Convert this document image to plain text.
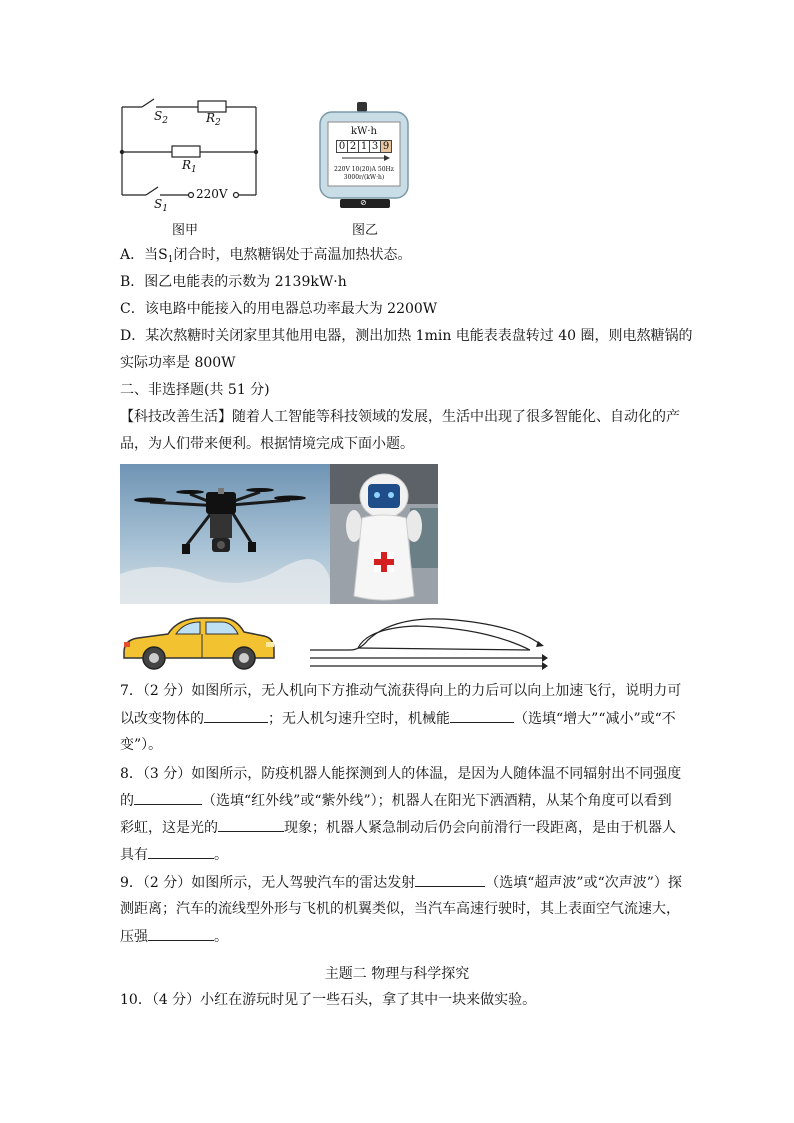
$S_2$	$R_2$
$R_1$
$S_1$
220V
图甲
kW·h
0 2 1 3 9
220V 10(20)A 50Hz
3000r/(kW·h)
⊘
图乙
A．当$S_1$闭合时，电熬糖锅处于高温加热状态。
B．图乙电能表的示数为 2139kW·h
C．该电路中能接入的用电器总功率最大为 2200W
D．某次熬糖时关闭家里其他用电器，测出加热 1min 电能表表盘转过 40 圈，则电熬糖锅的
实际功率是 800W
二、非选择题(共 51 分)
【科技改善生活】随着人工智能等科技领域的发展，生活中出现了很多智能化、自动化的产
品，为人们带来便利。根据情境完成下面小题。
7．（2 分）如图所示，无人机向下方推动气流获得向上的力后可以向上加速飞行，说明力可
以改变物体的	；无人机匀速升空时，机械能	（选填“增大”“减小”或“不
变”）。
8．（3 分）如图所示，防疫机器人能探测到人的体温，是因为人随体温不同辐射出不同强度
的	（选填“红外线”或“紫外线”）；机器人在阳光下洒酒精，从某个角度可以看到
彩虹，这是光的	现象；机器人紧急制动后仍会向前滑行一段距离，是由于机器人
具有	。
9．（2 分）如图所示，无人驾驶汽车的雷达发射	（选填“超声波”或“次声波”）探
测距离；汽车的流线型外形与飞机的机翼类似，当汽车高速行驶时，其上表面空气流速大，
压强	。
主题二 物理与科学探究
10．（4 分）小红在游玩时见了一些石头，拿了其中一块来做实验。
